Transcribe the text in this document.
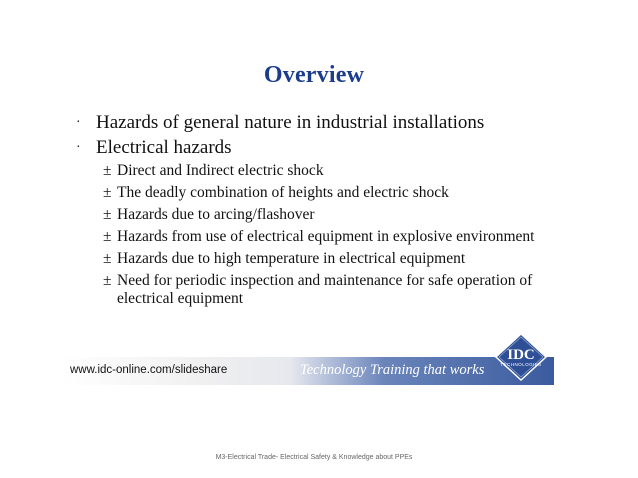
Overview
· Hazards of general nature in industrial installations
· Electrical hazards
± Direct and Indirect electric shock
± The deadly combination of heights and electric shock
± Hazards due to arcing/flashover
± Hazards from use of electrical equipment in explosive environment
± Hazards due to high temperature in electrical equipment
± Need for periodic inspection and maintenance for safe operation of
electrical equipment
www.idc-online.com/slideshare	Technology Training that works
IDC
TECHNOLOGIES
M3-Electrical Trade- Electrical Safety & Knowledge about PPEs
